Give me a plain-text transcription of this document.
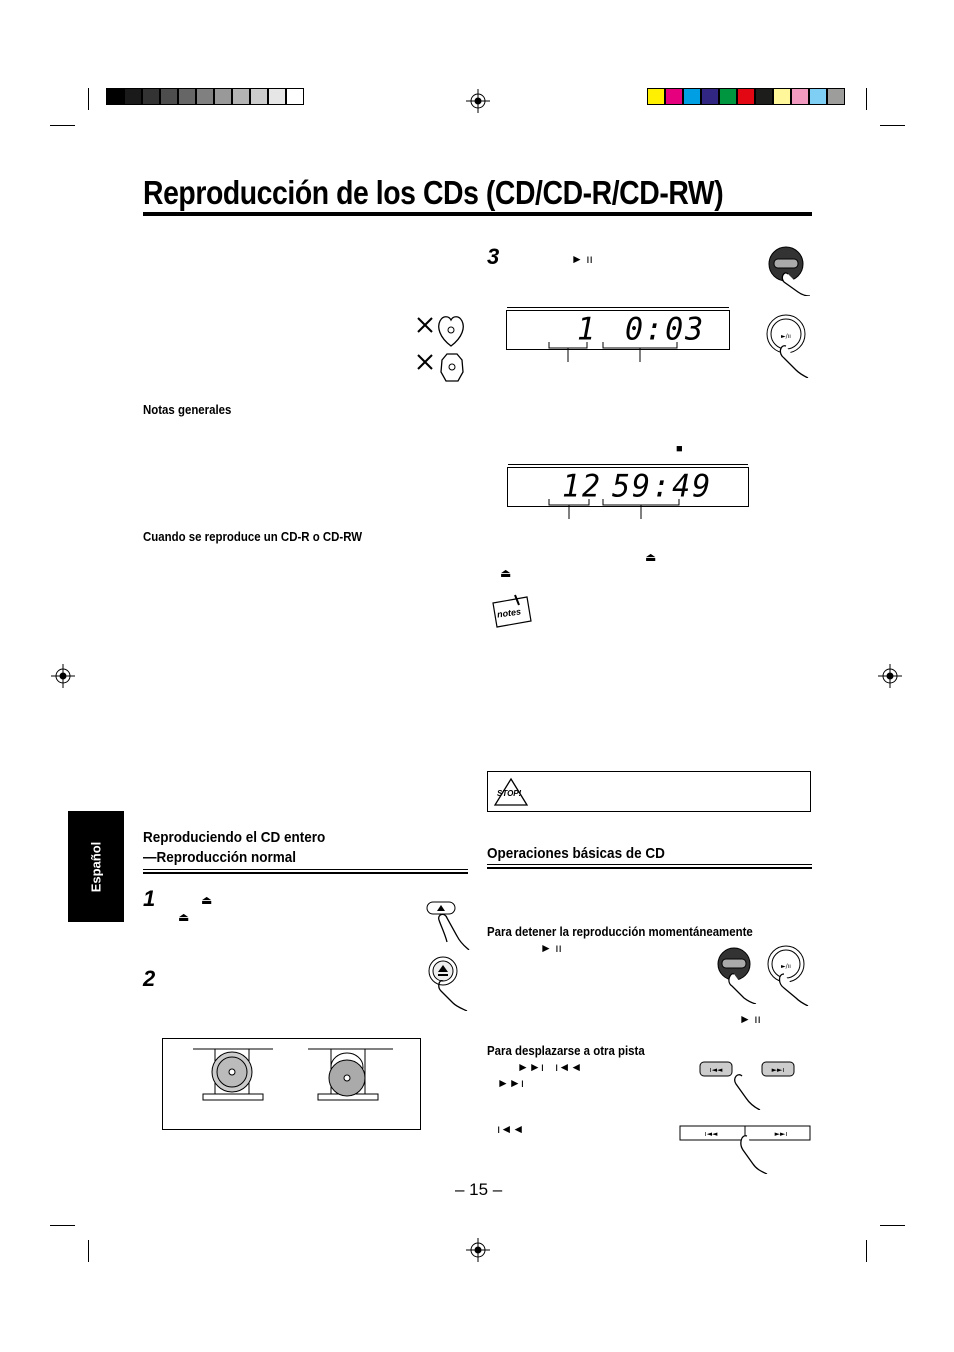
Reproducción de los CDs (CD/CD-R/CD-RW)
Notas generales
Cuando se reproduce un CD-R o CD-RW
Español
Reproduciendo el CD entero
—Reproducción normal
1	⏏
⏏
2
3	► ıı
►/ıı
1 0:03
■
12 59:49
⏏
⏏
notes
STOP!
Operaciones básicas de CD
Para detener la reproducción momentáneamente
► ıı
► ıı
►/ıı
Para desplazarse a otra pista
►►ı ı◄◄
►►ı
ı◄◄
ı◄◄	►►ı
ı◄◄	►►ı
– 15 –
